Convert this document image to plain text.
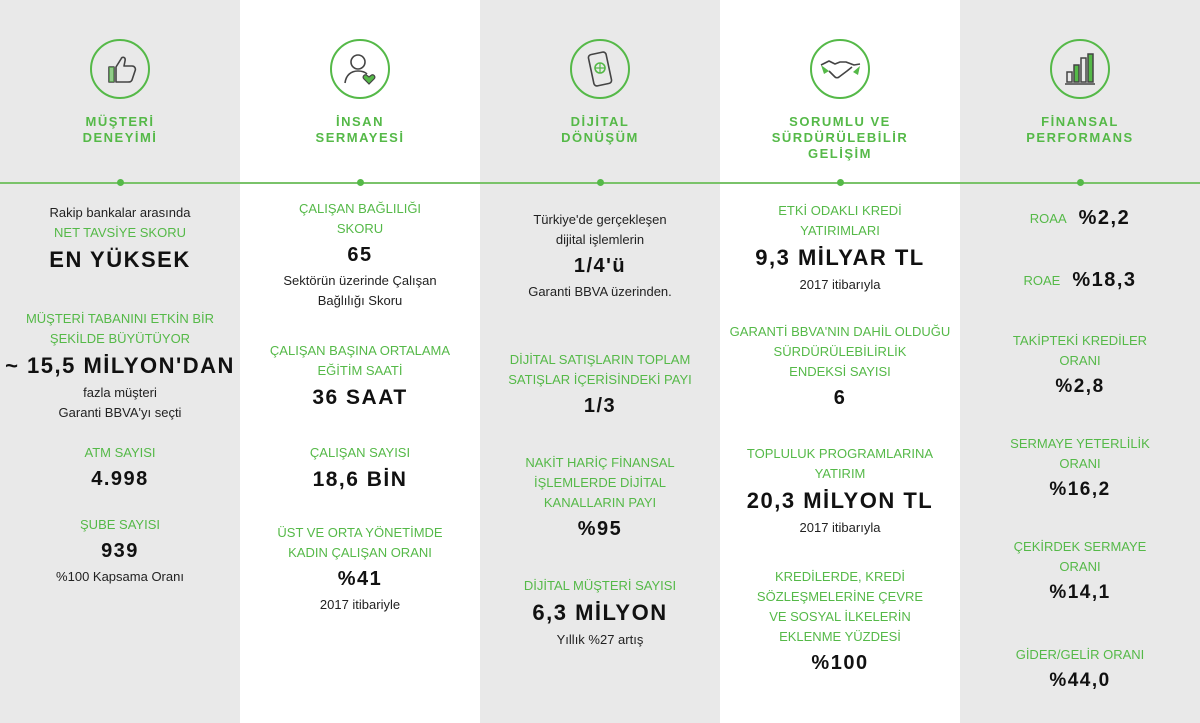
MÜŞTERİ
DENEYİMİ
Rakip bankalar arasında
NET TAVSİYE SKORU
EN YÜKSEK
MÜŞTERİ TABANINI ETKİN BİR
ŞEKİLDE BÜYÜTÜYOR
~ 15,5 MİLYON'DAN
fazla müşteri
Garanti BBVA'yı seçti
ATM SAYISI
4.998
ŞUBE SAYISI
939
%100 Kapsama Oranı
İNSAN
SERMAYESİ
ÇALIŞAN BAĞLILIĞI
SKORU
65
Sektörün üzerinde Çalışan
Bağlılığı Skoru
ÇALIŞAN BAŞINA ORTALAMA
EĞİTİM SAATİ
36 SAAT
ÇALIŞAN SAYISI
18,6 BİN
ÜST VE ORTA YÖNETİMDE
KADIN ÇALIŞAN ORANI
%41
2017 itibariyle
DİJİTAL
DÖNÜŞÜM
Türkiye'de gerçekleşen
dijital işlemlerin
1/4'ü
Garanti BBVA üzerinden.
DİJİTAL SATIŞLARIN TOPLAM
SATIŞLAR İÇERİSİNDEKİ PAYI
1/3
NAKİT HARİÇ FİNANSAL
İŞLEMLERDE DİJİTAL
KANALLARIN PAYI
%95
DİJİTAL MÜŞTERİ SAYISI
6,3 MİLYON
Yıllık %27 artış
SORUMLU VE
SÜRDÜRÜLEBİLİR
GELİŞİM
ETKİ ODAKLI KREDİ
YATIRIMLARI
9,3 MİLYAR TL
2017 itibarıyla
GARANTİ BBVA'NIN DAHİL OLDUĞU
SÜRDÜRÜLEBİLİRLİK
ENDEKSİ SAYISI
6
TOPLULUK PROGRAMLARINA
YATIRIM
20,3 MİLYON TL
2017 itibarıyla
KREDİLERDE, KREDİ
SÖZLEŞMELERİNE ÇEVRE
VE SOSYAL İLKELERİN
EKLENME YÜZDESİ
%100
FİNANSAL
PERFORMANS
ROAA %2,2
ROAE %18,3
TAKİPTEKİ KREDİLER
ORANI
%2,8
SERMAYE YETERLİLİK
ORANI
%16,2
ÇEKİRDEK SERMAYE
ORANI
%14,1
GİDER/GELİR ORANI
%44,0
